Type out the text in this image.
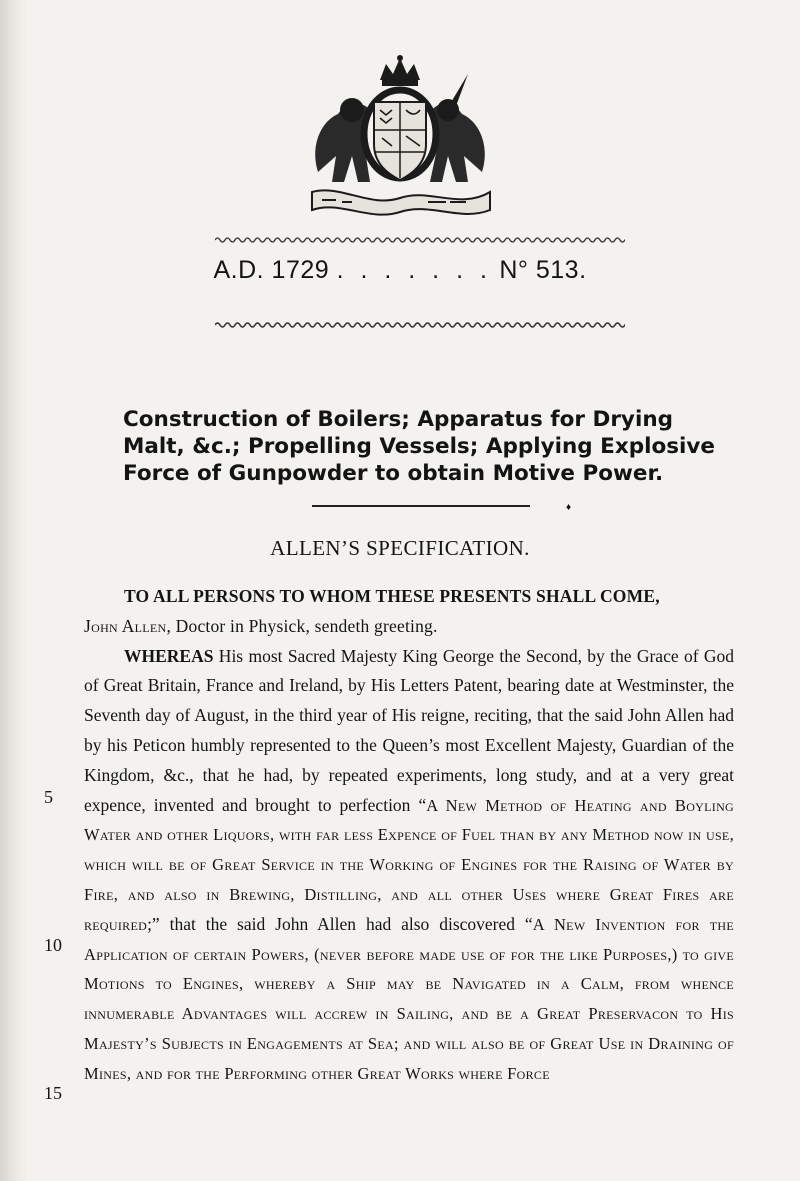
A.D. 1729 . . . . . . . N° 513.
Construction of Boilers; Apparatus for Drying Malt, &c.; Propelling Vessels; Applying Explosive Force of Gunpowder to obtain Motive Power.
♦
ALLEN’S SPECIFICATION.

TO ALL PERSONS TO WHOM THESE PRESENTS SHALL COME,
John Allen, Doctor in Physick, sendeth greeting.

WHEREAS His most Sacred Majesty King George the Second, by the Grace of God of Great Britain, France and Ireland, by His Letters Patent, bearing date at Westminster, the Seventh day of August, in the third year of His reigne, reciting, that the said John Allen had by his Peticon humbly represented to the Queen’s most Excellent Majesty, Guardian of the Kingdom, &c., that he had, by repeated experiments, long study, and at a very great expence, invented and brought to perfection “A New Method of Heating and Boyling Water and other Liquors, with far less Expence of Fuel than by any Method now in use, which will be of Great Service in the Working of Engines for the Raising of Water by Fire, and also in Brewing, Distilling, and all other Uses where Great Fires are required;” that the said John Allen had also discovered “A New Invention for the Application of certain Powers, (never before made use of for the like Purposes,) to give Motions to Engines, whereby a Ship may be Navigated in a Calm, from whence innumerable Advantages will accrew in Sailing, and be a Great Preservacon to His Majesty’s Subjects in Engagements at Sea; and will also be of Great Use in Draining of Mines, and for the Performing other Great Works where Force

5
10
15
